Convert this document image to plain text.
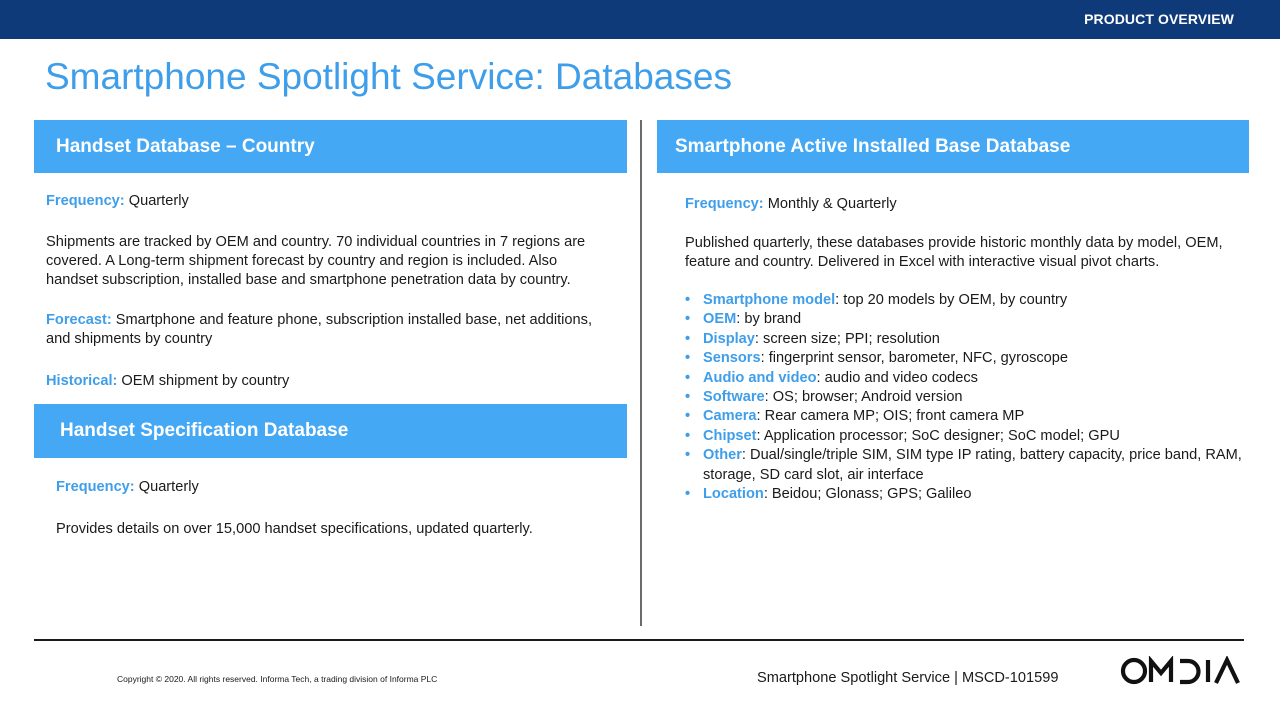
PRODUCT OVERVIEW
Smartphone Spotlight Service: Databases
Handset Database – Country

Frequency: Quarterly

Shipments are tracked by OEM and country. 70 individual countries in 7 regions are covered. A Long-term shipment forecast by country and region is included. Also handset subscription, installed base and smartphone penetration data by country.

Forecast: Smartphone and feature phone, subscription installed base, net additions, and shipments by country

Historical: OEM shipment by country

Handset Specification Database

Frequency: Quarterly

Provides details on over 15,000 handset specifications, updated quarterly.

Smartphone Active Installed Base Database

Frequency: Monthly & Quarterly

Published quarterly, these databases provide historic monthly data by model, OEM, feature and country. Delivered in Excel with interactive visual pivot charts.

• Smartphone model: top 20 models by OEM, by country
• OEM: by brand
• Display: screen size; PPI; resolution
• Sensors: fingerprint sensor, barometer, NFC, gyroscope
• Audio and video: audio and video codecs
• Software: OS; browser; Android version
• Camera: Rear camera MP; OIS; front camera MP
• Chipset: Application processor; SoC designer; SoC model; GPU
• Other: Dual/single/triple SIM, SIM type IP rating, battery capacity, price band, RAM, storage, SD card slot, air interface
• Location: Beidou; Glonass; GPS; Galileo

Copyright © 2020. All rights reserved. Informa Tech, a trading division of Informa PLC	Smartphone Spotlight Service | MSCD-101599
